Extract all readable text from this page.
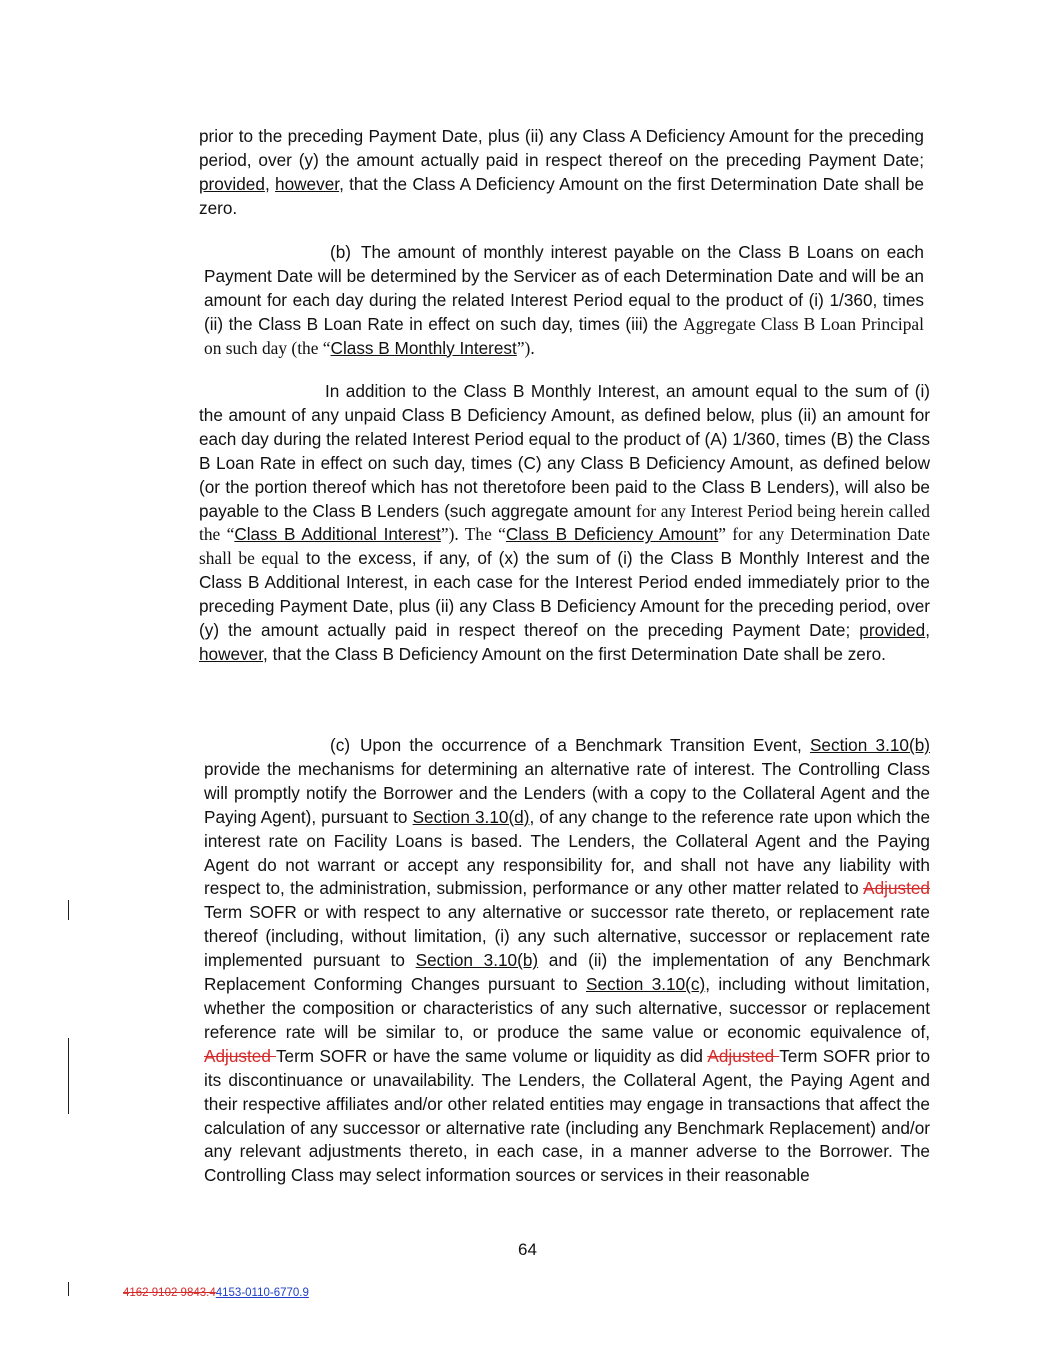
prior to the preceding Payment Date, plus (ii) any Class A Deficiency Amount for the preceding period, over (y) the amount actually paid in respect thereof on the preceding Payment Date; provided, however, that the Class A Deficiency Amount on the first Determination Date shall be zero.
(b) The amount of monthly interest payable on the Class B Loans on each Payment Date will be determined by the Servicer as of each Determination Date and will be an amount for each day during the related Interest Period equal to the product of (i) 1/360, times (ii) the Class B Loan Rate in effect on such day, times (iii) the Aggregate Class B Loan Principal on such day (the “Class B Monthly Interest”).
In addition to the Class B Monthly Interest, an amount equal to the sum of (i) the amount of any unpaid Class B Deficiency Amount, as defined below, plus (ii) an amount for each day during the related Interest Period equal to the product of (A) 1/360, times (B) the Class B Loan Rate in effect on such day, times (C) any Class B Deficiency Amount, as defined below (or the portion thereof which has not theretofore been paid to the Class B Lenders), will also be payable to the Class B Lenders (such aggregate amount for any Interest Period being herein called the “Class B Additional Interest”). The “Class B Deficiency Amount” for any Determination Date shall be equal to the excess, if any, of (x) the sum of (i) the Class B Monthly Interest and the Class B Additional Interest, in each case for the Interest Period ended immediately prior to the preceding Payment Date, plus (ii) any Class B Deficiency Amount for the preceding period, over (y) the amount actually paid in respect thereof on the preceding Payment Date; provided, however, that the Class B Deficiency Amount on the first Determination Date shall be zero.
(c) Upon the occurrence of a Benchmark Transition Event, Section 3.10(b) provide the mechanisms for determining an alternative rate of interest. The Controlling Class will promptly notify the Borrower and the Lenders (with a copy to the Collateral Agent and the Paying Agent), pursuant to Section 3.10(d), of any change to the reference rate upon which the interest rate on Facility Loans is based. The Lenders, the Collateral Agent and the Paying Agent do not warrant or accept any responsibility for, and shall not have any liability with respect to, the administration, submission, performance or any other matter related to Adjusted Term SOFR or with respect to any alternative or successor rate thereto, or replacement rate thereof (including, without limitation, (i) any such alternative, successor or replacement rate implemented pursuant to Section 3.10(b) and (ii) the implementation of any Benchmark Replacement Conforming Changes pursuant to Section 3.10(c), including without limitation, whether the composition or characteristics of any such alternative, successor or replacement reference rate will be similar to, or produce the same value or economic equivalence of, Adjusted Term SOFR or have the same volume or liquidity as did Adjusted Term SOFR prior to its discontinuance or unavailability. The Lenders, the Collateral Agent, the Paying Agent and their respective affiliates and/or other related entities may engage in transactions that affect the calculation of any successor or alternative rate (including any Benchmark Replacement) and/or any relevant adjustments thereto, in each case, in a manner adverse to the Borrower. The Controlling Class may select information sources or services in their reasonable
64
4162 9102 9843.44153-0110-6770.9
